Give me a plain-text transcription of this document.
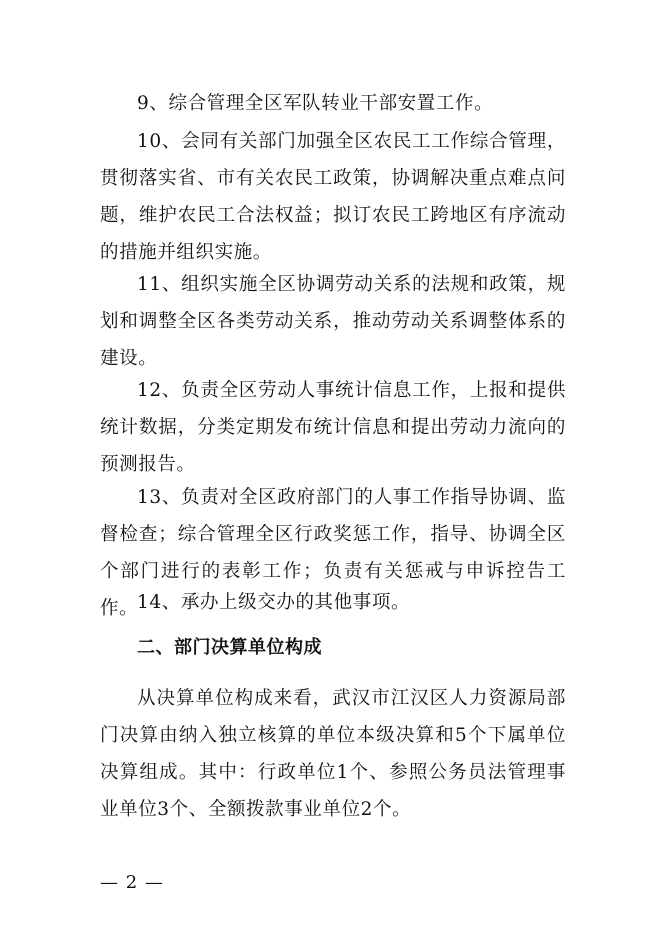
9、综合管理全区军队转业干部安置工作。

10、会同有关部门加强全区农民工工作综合管理，贯彻落实省、市有关农民工政策，协调解决重点难点问题，维护农民工合法权益；拟订农民工跨地区有序流动的措施并组织实施。

11、组织实施全区协调劳动关系的法规和政策，规划和调整全区各类劳动关系，推动劳动关系调整体系的建设。

12、负责全区劳动人事统计信息工作，上报和提供统计数据，分类定期发布统计信息和提出劳动力流向的预测报告。

13、负责对全区政府部门的人事工作指导协调、监督检查；综合管理全区行政奖惩工作，指导、协调全区个部门进行的表彰工作；负责有关惩戒与申诉控告工作。

14、承办上级交办的其他事项。

二、部门决算单位构成

从决算单位构成来看，武汉市江汉区人力资源局部门决算由纳入独立核算的单位本级决算和5个下属单位决算组成。其中：行政单位1个、参照公务员法管理事业单位3个、全额拨款事业单位2个。

— 2 —
